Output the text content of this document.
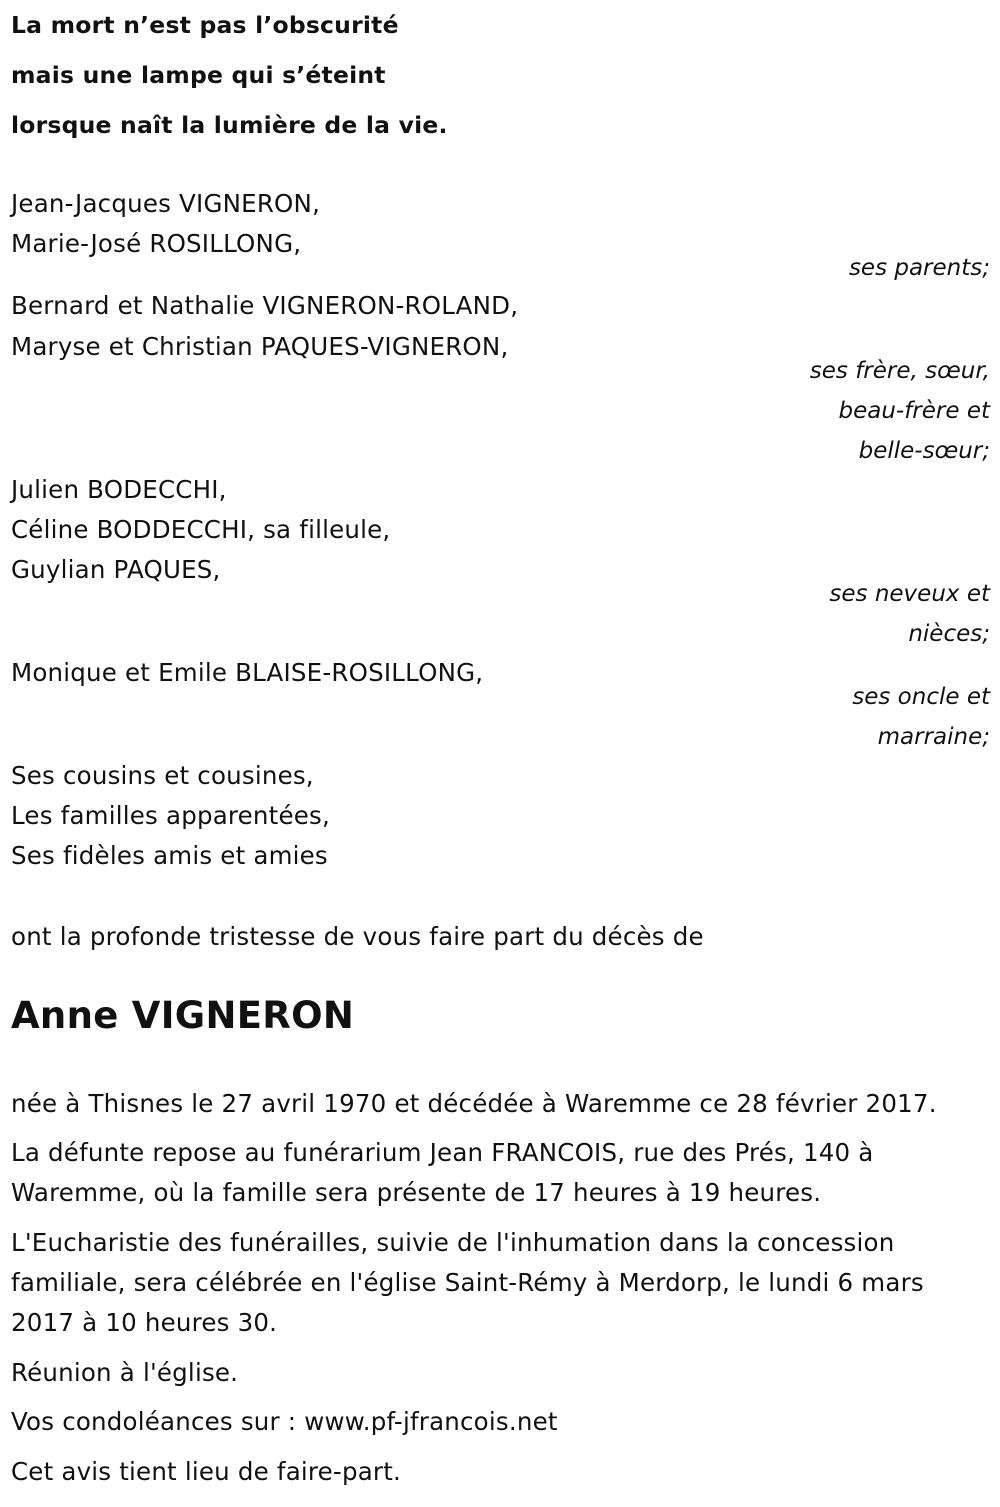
La mort n’est pas l’obscurité
mais une lampe qui s’éteint
lorsque naît la lumière de la vie.
Jean-Jacques VIGNERON,
Marie-José ROSILLONG,
ses parents;
Bernard et Nathalie VIGNERON-ROLAND,
Maryse et Christian PAQUES-VIGNERON,
ses frère, sœur,
beau-frère et
belle-sœur;
Julien BODECCHI,
Céline BODDECCHI, sa filleule,
Guylian PAQUES,
ses neveux et
nièces;
Monique et Emile BLAISE-ROSILLONG,
ses oncle et
marraine;
Ses cousins et cousines,
Les familles apparentées,
Ses fidèles amis et amies
ont la profonde tristesse de vous faire part du décès de
Anne VIGNERON
née à Thisnes le 27 avril 1970 et décédée à Waremme ce 28 février 2017.
La défunte repose au funérarium Jean FRANCOIS, rue des Prés, 140 à
Waremme, où la famille sera présente de 17 heures à 19 heures.
L'Eucharistie des funérailles, suivie de l'inhumation dans la concession
familiale, sera célébrée en l'église Saint-Rémy à Merdorp, le lundi 6 mars
2017 à 10 heures 30.
Réunion à l'église.
Vos condoléances sur : www.pf-jfrancois.net
Cet avis tient lieu de faire-part.
